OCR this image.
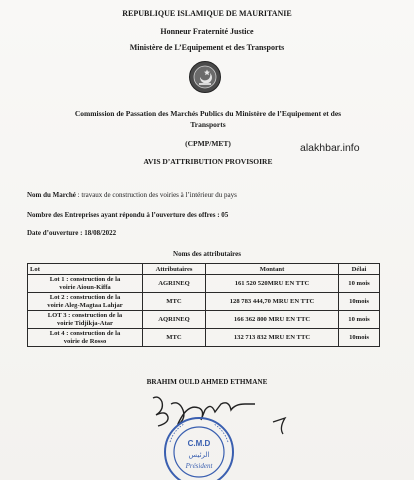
REPUBLIQUE ISLAMIQUE DE MAURITANIE
Honneur Fraternité Justice
Ministère de L’Equipement et des Transports
Commission de Passation des Marchés Publics du Ministère de l’Equipement et des
Transports
(CPMP/MET)	alakhbar.info
AVIS D’ATTRIBUTION PROVISOIRE
Nom du Marché : travaux de construction des voiries à l’intérieur du pays
Nombre des Entreprises ayant répondu à l’ouverture des offres : 05
Date d’ouverture : 18/08/2022
Noms des attributaires
Lot	Attributaires	Montant	Délai
Lot 1 : construction de la
voirie Aioun-Kiffa	AGRINEQ	161 520 520MRU EN TTC	10 mois
Lot 2 : construction de la
voirie Aleg-Magtaa Lahjar	MTC	128 783 444,70 MRU EN TTC	10mois
LOT 3 : construction de la
voirie Tidjikja-Atar	AQRINEQ	166 362 800 MRU EN TTC	10 mois
Lot 4 : construction de la
voirie de Rosso	MTC	132 713 832 MRU EN TTC	10mois
BRAHIM OULD AHMED ETHMANE
C.M.D
الرئيس
Président
